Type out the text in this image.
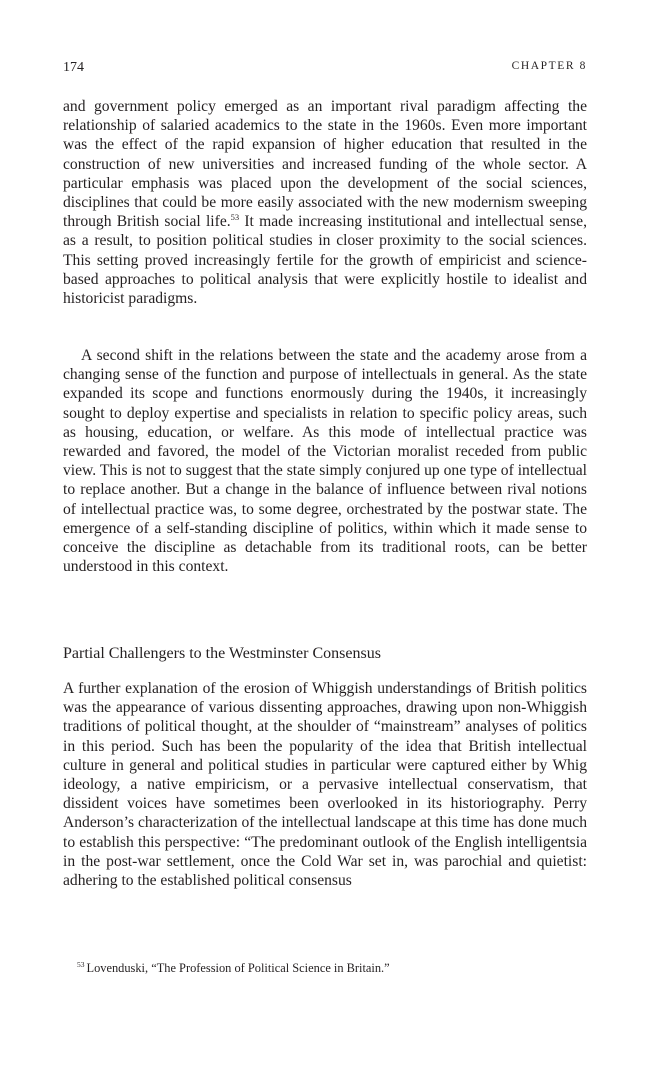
174	CHAPTER 8

and government policy emerged as an important rival paradigm affecting the relationship of salaried academics to the state in the 1960s. Even more important was the effect of the rapid expansion of higher education that resulted in the construction of new universities and increased funding of the whole sector. A particular emphasis was placed upon the development of the social sciences, disciplines that could be more easily associated with the new modernism sweeping through British social life.$^{53}$ It made increasing institutional and intellectual sense, as a result, to position political studies in closer proximity to the social sciences. This setting proved increasingly fertile for the growth of empiricist and science-based approaches to political analysis that were explicitly hostile to idealist and historicist paradigms.

A second shift in the relations between the state and the academy arose from a changing sense of the function and purpose of intellectuals in general. As the state expanded its scope and functions enormously during the 1940s, it increasingly sought to deploy expertise and specialists in relation to specific policy areas, such as housing, education, or welfare. As this mode of intellectual practice was rewarded and favored, the model of the Victorian moralist receded from public view. This is not to suggest that the state simply conjured up one type of intellectual to replace another. But a change in the balance of influence between rival notions of intellectual practice was, to some degree, orchestrated by the postwar state. The emergence of a self-standing discipline of politics, within which it made sense to conceive the discipline as detachable from its traditional roots, can be better understood in this context.

Partial Challengers to the Westminster Consensus

A further explanation of the erosion of Whiggish understandings of British politics was the appearance of various dissenting approaches, drawing upon non-Whiggish traditions of political thought, at the shoulder of “mainstream” analyses of politics in this period. Such has been the popularity of the idea that British intellectual culture in general and political studies in particular were captured either by Whig ideology, a native empiricism, or a pervasive intellectual conservatism, that dissident voices have sometimes been overlooked in its historiography. Perry Anderson’s characterization of the intellectual landscape at this time has done much to establish this perspective: “The predominant outlook of the English intelligentsia in the post-war settlement, once the Cold War set in, was parochial and quietist: adhering to the established political consensus

$^{53}$ Lovenduski, “The Profession of Political Science in Britain.”
